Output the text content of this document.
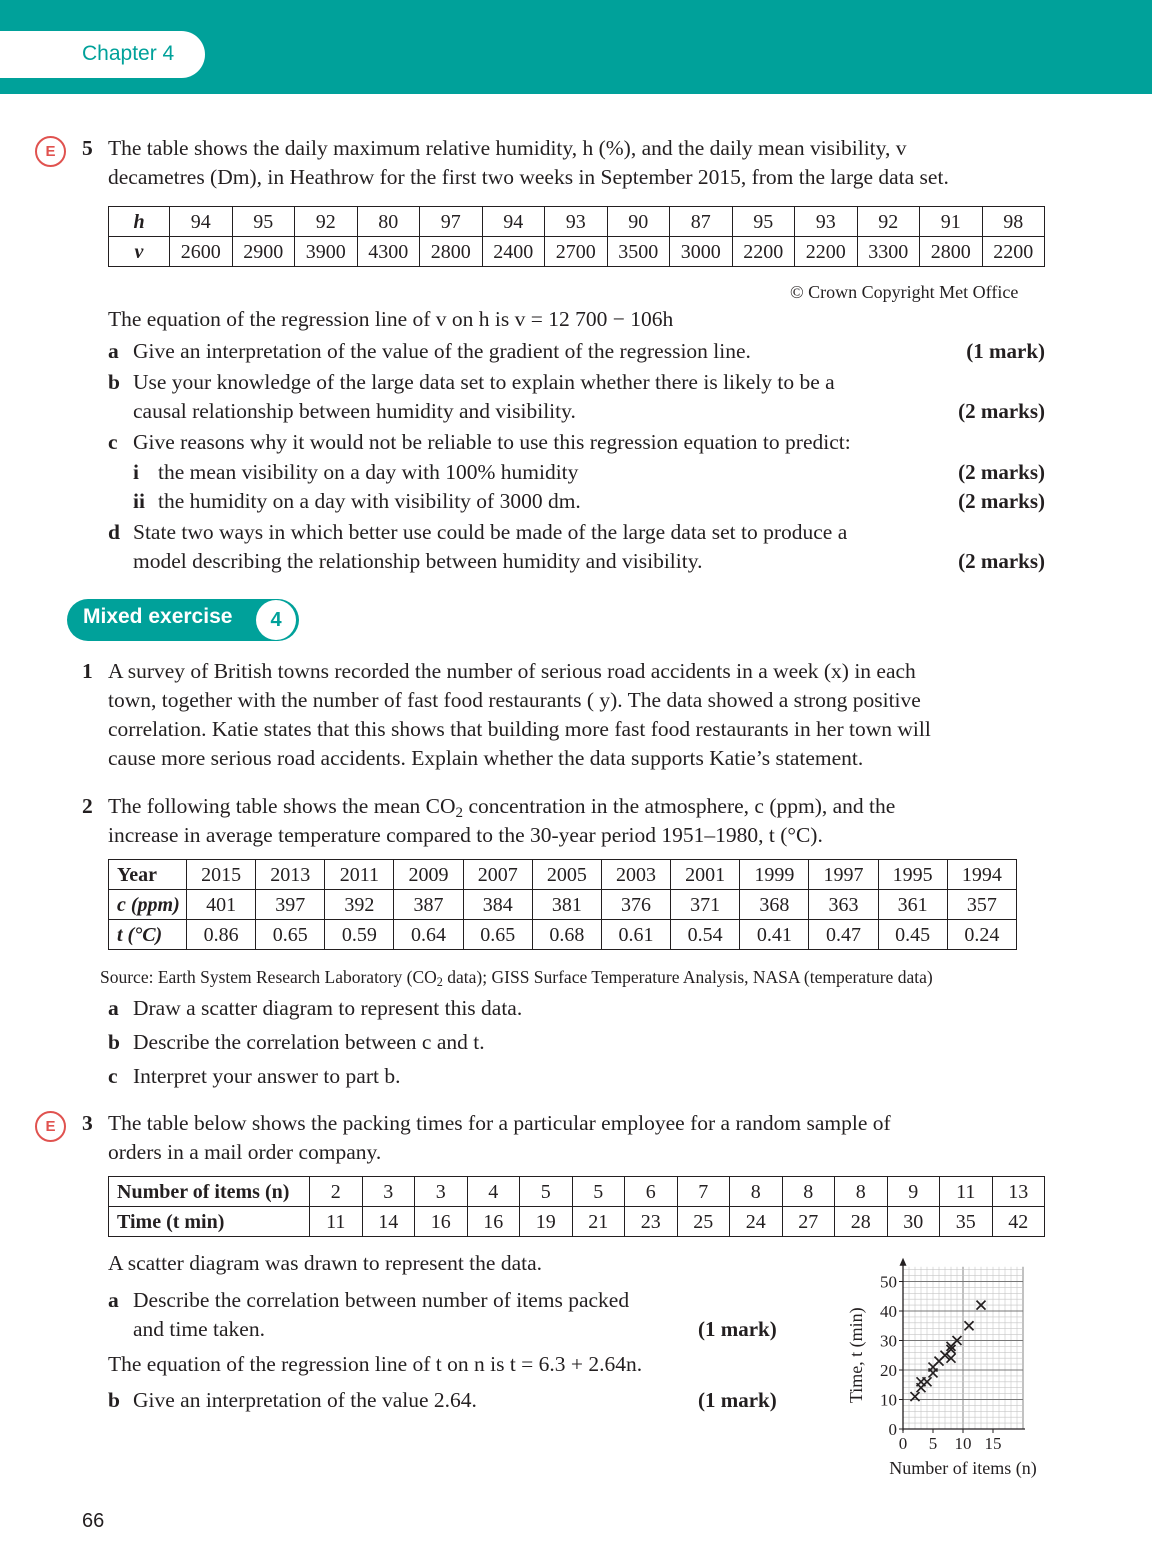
Chapter 4
E	5 The table shows the daily maximum relative humidity, h (%), and the daily mean visibility, v
decametres (Dm), in Heathrow for the first two weeks in September 2015, from the large data set.
h	94	95	92	80	97	94	93	90	87	95	93	92	91	98
v	2600	2900	3900	4300	2800	2400	2700	3500	3000	2200	2200	3300	2800	2200
© Crown Copyright Met Office
The equation of the regression line of v on h is v = 12 700 − 106h
a Give an interpretation of the value of the gradient of the regression line.	(1 mark)
b Use your knowledge of the large data set to explain whether there is likely to be a
causal relationship between humidity and visibility.	(2 marks)
c Give reasons why it would not be reliable to use this regression equation to predict:
i the mean visibility on a day with 100% humidity	(2 marks)
ii the humidity on a day with visibility of 3000 dm.	(2 marks)
d State two ways in which better use could be made of the large data set to produce a
model describing the relationship between humidity and visibility.	(2 marks)
Mixed exercise	4
1 A survey of British towns recorded the number of serious road accidents in a week (x) in each
town, together with the number of fast food restaurants ( y). The data showed a strong positive
correlation. Katie states that this shows that building more fast food restaurants in her town will
cause more serious road accidents. Explain whether the data supports Katie’s statement.
2 The following table shows the mean $CO_2$ concentration in the atmosphere, c (ppm), and the
increase in average temperature compared to the 30-year period 1951–1980, t (°C).
Year	2015	2013	2011	2009	2007	2005	2003	2001	1999	1997	1995	1994
c (ppm)	401	397	392	387	384	381	376	371	368	363	361	357
t (°C)	0.86	0.65	0.59	0.64	0.65	0.68	0.61	0.54	0.41	0.47	0.45	0.24
Source: Earth System Research Laboratory ($CO_2$ data); GISS Surface Temperature Analysis, NASA (temperature data)
a Draw a scatter diagram to represent this data.
b Describe the correlation between c and t.
c Interpret your answer to part b.
E	3 The table below shows the packing times for a particular employee for a random sample of
orders in a mail order company.
Number of items (n)	2	3	3	4	5	5	6	7	8	8	8	9	11	13
Time (t min)	11	14	16	16	19	21	23	25	24	27	28	30	35	42
A scatter diagram was drawn to represent the data.
a Describe the correlation between number of items packed
and time taken.	(1 mark)
The equation of the regression line of t on n is t = 6.3 + 2.64n.
b Give an interpretation of the value 2.64.	(1 mark)
0 5 10 15
0
10
20
30
40
50
Number of items (n)
Time, t (min)
66
